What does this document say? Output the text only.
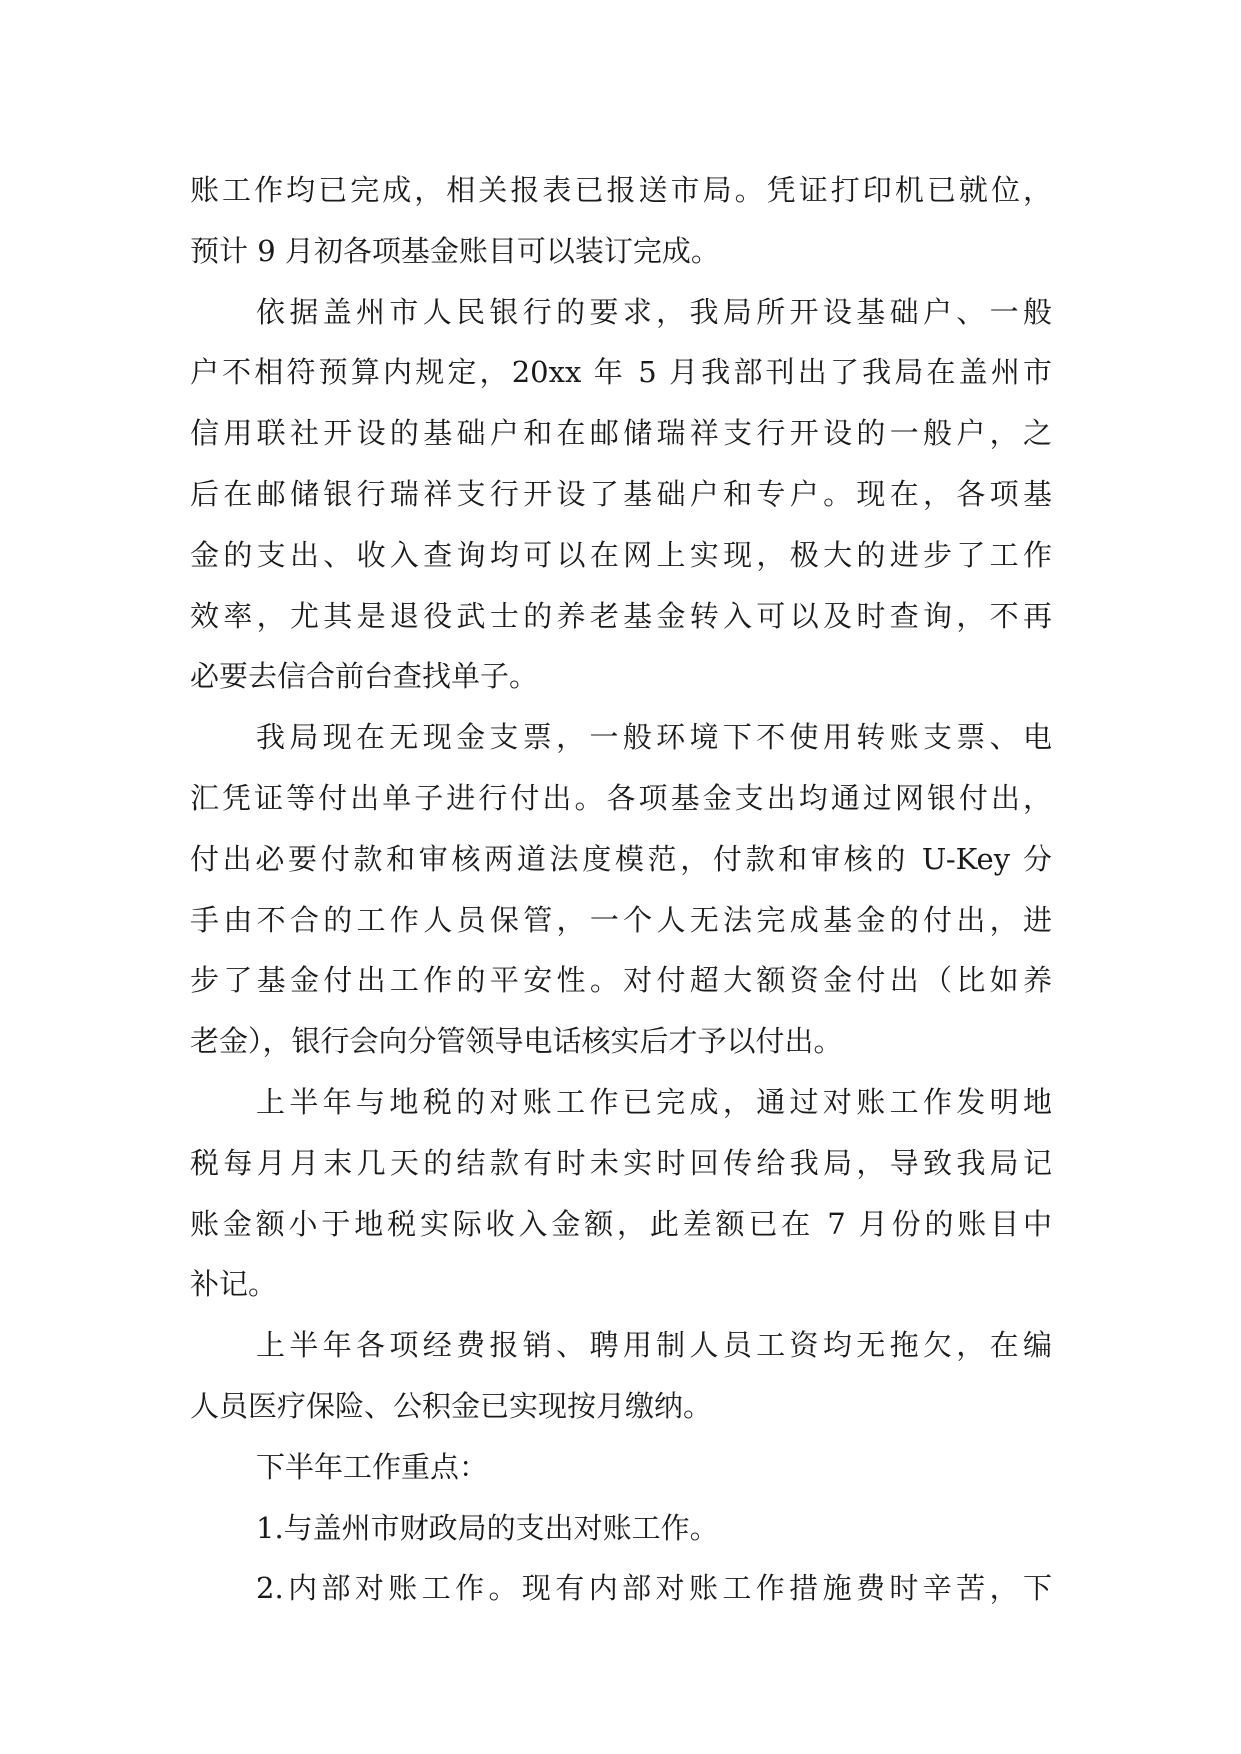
账工作均已完成，相关报表已报送市局。凭证打印机已就位，
预计 9 月初各项基金账目可以装订完成。
依据盖州市人民银行的要求，我局所开设基础户、一般
户不相符预算内规定，20xx 年 5 月我部刊出了我局在盖州市
信用联社开设的基础户和在邮储瑞祥支行开设的一般户，之
后在邮储银行瑞祥支行开设了基础户和专户。现在，各项基
金的支出、收入查询均可以在网上实现，极大的进步了工作
效率，尤其是退役武士的养老基金转入可以及时查询，不再
必要去信合前台查找单子。
我局现在无现金支票，一般环境下不使用转账支票、电
汇凭证等付出单子进行付出。各项基金支出均通过网银付出，
付出必要付款和审核两道法度模范，付款和审核的 U-Key 分
手由不合的工作人员保管，一个人无法完成基金的付出，进
步了基金付出工作的平安性。对付超大额资金付出（比如养
老金），银行会向分管领导电话核实后才予以付出。
上半年与地税的对账工作已完成，通过对账工作发明地
税每月月末几天的结款有时未实时回传给我局，导致我局记
账金额小于地税实际收入金额，此差额已在 7 月份的账目中
补记。
上半年各项经费报销、聘用制人员工资均无拖欠，在编
人员医疗保险、公积金已实现按月缴纳。
下半年工作重点：
1.与盖州市财政局的支出对账工作。
2.内部对账工作。现有内部对账工作措施费时辛苦，下
